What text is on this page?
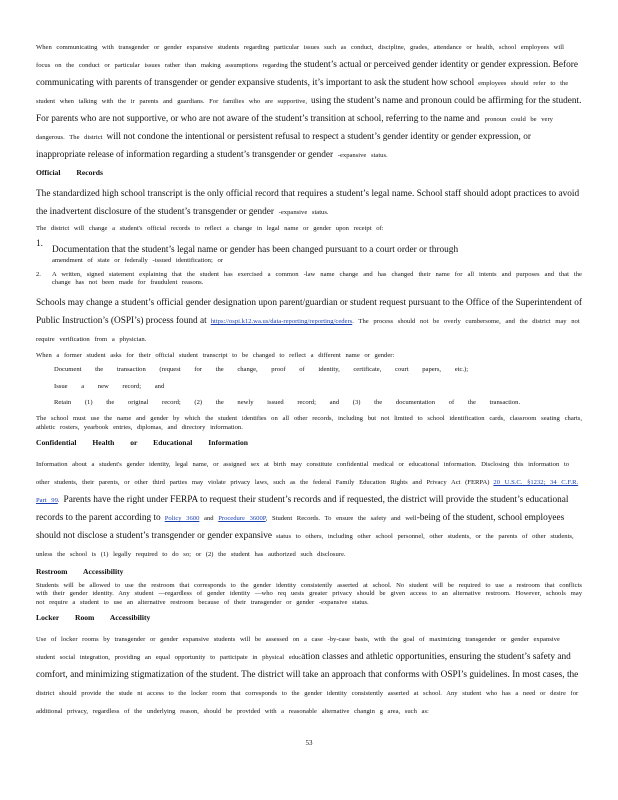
When communicating with transgender or gender expansive students regarding particular issues such as conduct, discipline, grades, attendance or health, school employees will focus on the conduct or particular issues rather than making assumptions regarding the student’s actual or perceived gender identity or gender expression. Before communicating with parents of transgender or gender expansive students, it’s important to ask the student how school employees should refer to the student when talking with the ir parents and guardians. For families who are supportive, using the student’s name and pronoun could be affirming for the student. For parents who are not supportive, or who are not aware of the student’s transition at school, referring to the name and pronoun could be very dangerous. The district will not condone the intentional or persistent refusal to respect a student’s gender identity or gender expression, or inappropriate release of information regarding a student’s transgender or gender -expansive status.

Official Records

The standardized high school transcript is the only official record that requires a student’s legal name. School staff should adopt practices to avoid the inadvertent disclosure of the student’s transgender or gender -expansive status.

The district will change a student's official records to reflect a change in legal name or gender upon receipt of:

1.
Documentation that the student’s legal name or gender has been changed pursuant to a court order or through
amendment of state or federally -issued identification; or
2.	A written, signed statement explaining that the student has exercised a common -law name change and has changed their name for all intents and purposes and that the change has not been made for fraudulent reasons.

Schools may change a student’s official gender designation upon parent/guardian or student request pursuant to the Office of the Superintendent of Public Instruction’s (OSPI’s) process found at https://ospi.k12.wa.us/data-reporting/reporting/ceders. The process should not be overly cumbersome, and the district may not require verification from a physician.

When a former student asks for their official student transcript to be changed to reflect a different name or gender:

Document the transaction (request for the change, proof of identity, certificate, court papers, etc.);
Issue a new record; and
Retain (1) the original record; (2) the newly issued record; and (3) the documentation of the transaction.

The school must use the name and gender by which the student identifies on all other records, including but not limited to school identification cards, classroom seating charts, athletic rosters, yearbook entries, diplomas, and directory information.

Confidential Health or Educational Information

Information about a student's gender identity, legal name, or assigned sex at birth may constitute confidential medical or educational information. Disclosing this information to other students, their parents, or other third parties may violate privacy laws, such as the federal Family Education Rights and Privacy Act (FERPA) 20 U.S.C. §1232; 34 C.F.R. Part 99. Parents have the right under FERPA to request their student’s records and if requested, the district will provide the student’s educational records to the parent according to Policy 3600 and Procedure 3600P, Student Records. To ensure the safety and well-being of the student, school employees should not disclose a student’s transgender or gender expansive status to others, including other school personnel, other students, or the parents of other students, unless the school is (1) legally required to do so; or (2) the student has authorized such disclosure.

Restroom Accessibility

Students will be allowed to use the restroom that corresponds to the gender identity consistently asserted at school. No student will be required to use a restroom that conflicts with their gender identity. Any student —regardless of gender identity —who req uests greater privacy should be given access to an alternative restroom. However, schools may not require a student to use an alternative restroom because of their transgender or gender -expansive status.

Locker Room Accessibility

Use of locker rooms by transgender or gender expansive students will be assessed on a case -by-case basis, with the goal of maximizing transgender or gender expansive student social integration, providing an equal opportunity to participate in physical education classes and athletic opportunities, ensuring the student’s safety and comfort, and minimizing stigmatization of the student. The district will take an approach that conforms with OSPI’s guidelines. In most cases, the district should provide the stude nt access to the locker room that corresponds to the gender identity consistently asserted at school. Any student who has a need or desire for additional privacy, regardless of the underlying reason, should be provided with a reasonable alternative changin g area, such as:

53
